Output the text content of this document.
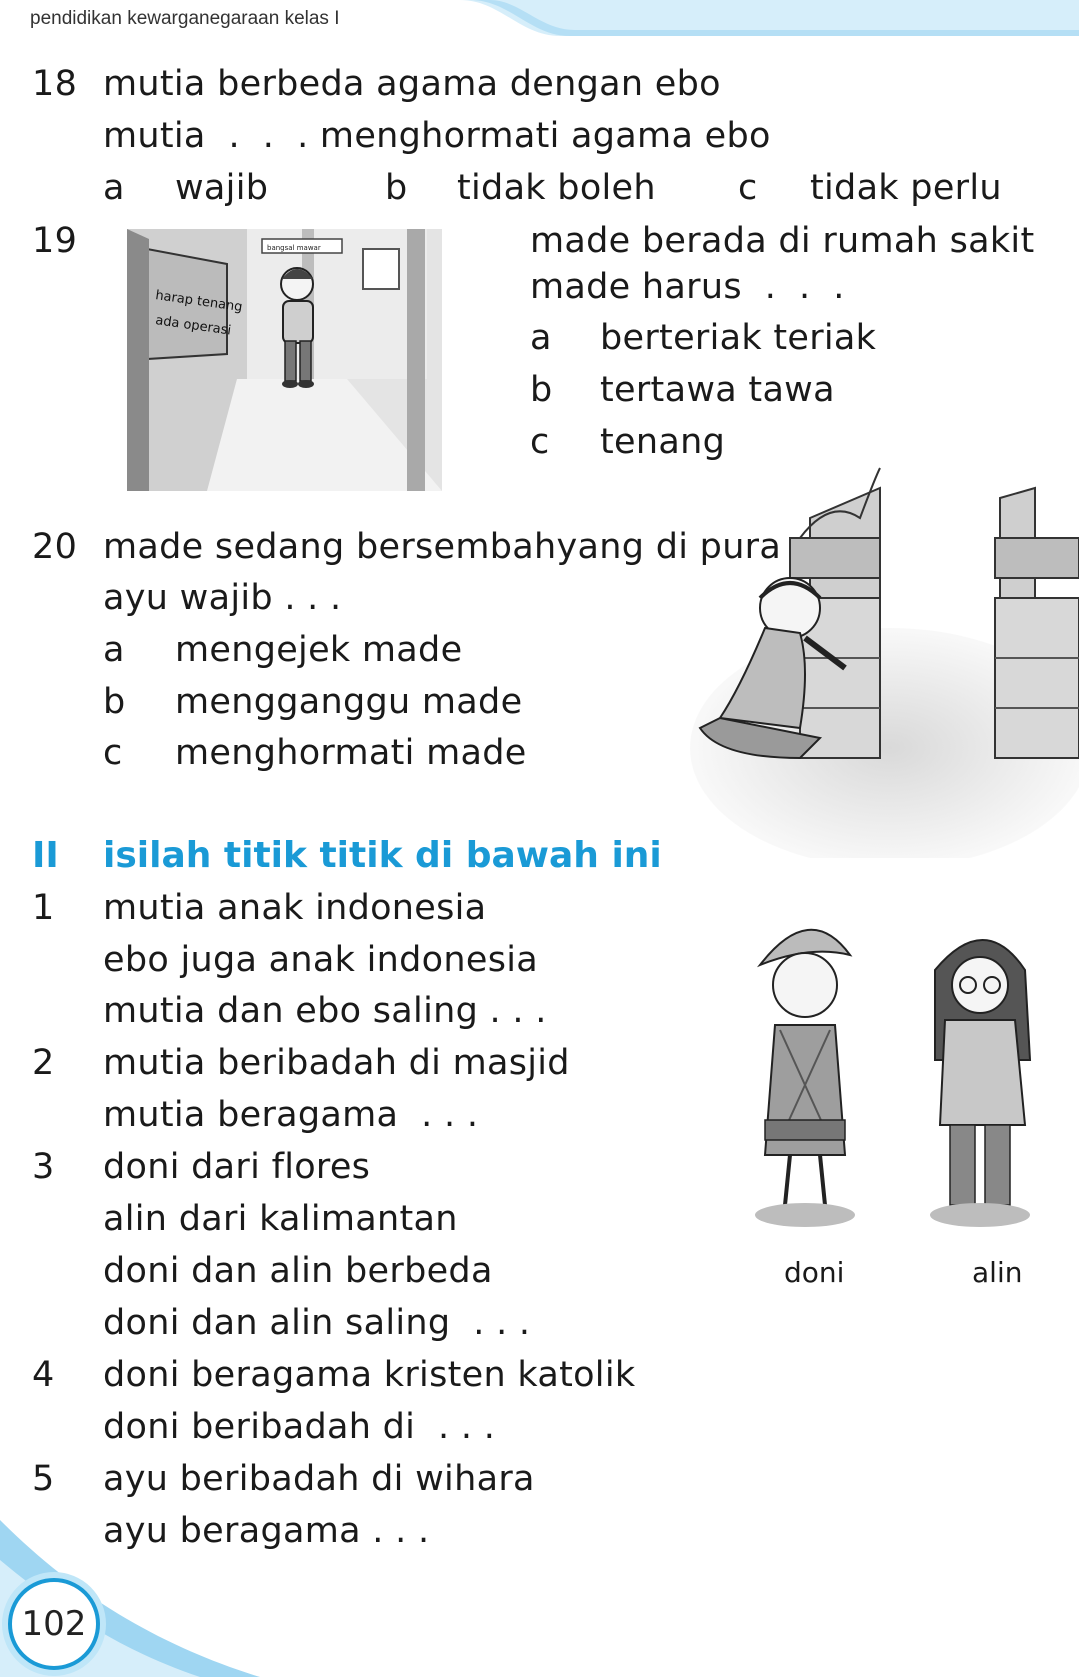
pendidikan kewarganegaraan kelas I
18 mutia berbeda agama dengan ebo
mutia  .  .  . menghormati agama ebo
a wajib	b tidak boleh c tidak perlu
19	bangsal mawar
harap tenang
ada operasi
made berada di rumah sakit
made harus  .  .  .
a berteriak teriak
b tertawa tawa
c tenang
20 made sedang bersembahyang di pura
ayu wajib . . .
a mengejek made
b mengganggu made
c menghormati made
II isilah titik titik di bawah ini
1 mutia anak indonesia
ebo juga anak indonesia
mutia dan ebo saling . . .
2 mutia beribadah di masjid
mutia beragama  . . .
3 doni dari flores
alin dari kalimantan
doni dan alin berbeda
doni dan alin saling  . . .
4 doni beragama kristen katolik
doni beribadah di  . . .
5 ayu beribadah di wihara
ayu beragama . . .
doni	alin
102
